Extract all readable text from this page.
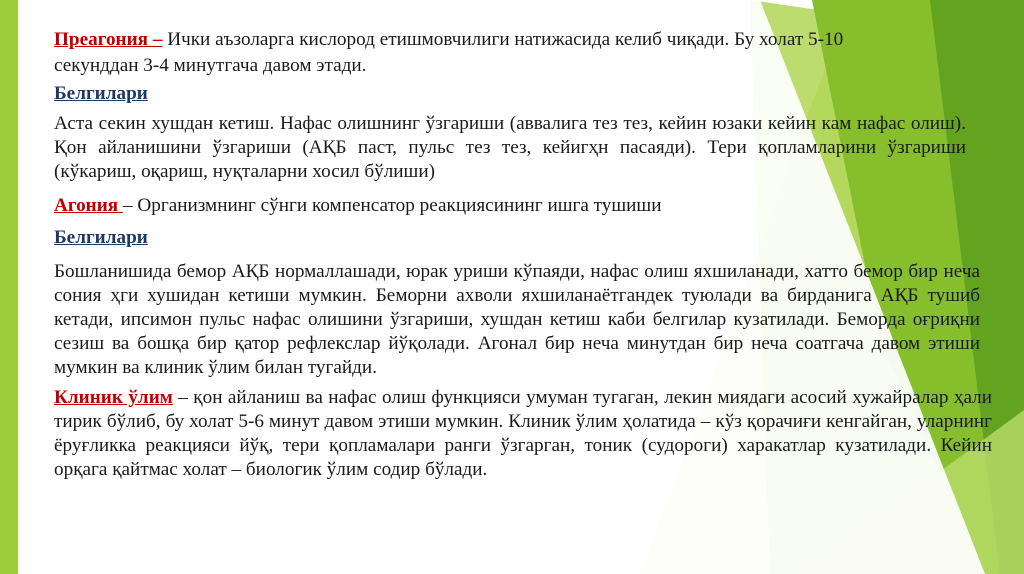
Преагония – Ички аъзоларга кислород етишмовчилиги натижасида келиб чиқади. Бу холат 5-10

секунддан 3-4 минутгача давом этади.

Белгилари

Аста секин хушдан кетиш. Нафас олишнинг ўзгариши (аввалига тез тез, кейин юзаки кейин кам нафас олиш). Қон айланишини ўзгариши (АҚБ паст, пульс тез тез, кейигҳн пасаяди). Тери қопламларини ўзгариши (кўкариш, оқариш, нуқталарни хосил бўлиши)

Агония – Организмнинг сўнги компенсатор реакциясининг ишга тушиши

Белгилари

Бошланишида бемор АҚБ нормаллашади, юрак уриши кўпаяди, нафас олиш яхшиланади, хатто бемор бир неча сония ҳги хушидан кетиши мумкин. Беморни ахволи яхшиланаётгандек туюлади ва бирданига АҚБ тушиб кетади, ипсимон пульс нафас олишини ўзгариши, хушдан кетиш каби белгилар кузатилади. Беморда оғриқни сезиш ва бошқа бир қатор рефлекслар йўқолади. Агонал бир неча минутдан бир неча соатгача давом этиши мумкин ва клиник ўлим билан тугайди.

Клиник ўлим – қон айланиш ва нафас олиш функцияси умуман тугаган, лекин миядаги асосий хужайралар ҳали тирик бўлиб, бу холат 5-6 минут давом этиши мумкин. Клиник ўлим ҳолатида – кўз қорачиғи кенгайган, уларнинг ёруғликка реакцияси йўқ, тери қопламалари ранги ўзгарган, тоник (судороги) харакатлар кузатилади. Кейин орқага қайтмас холат – биологик ўлим содир бўлади.
